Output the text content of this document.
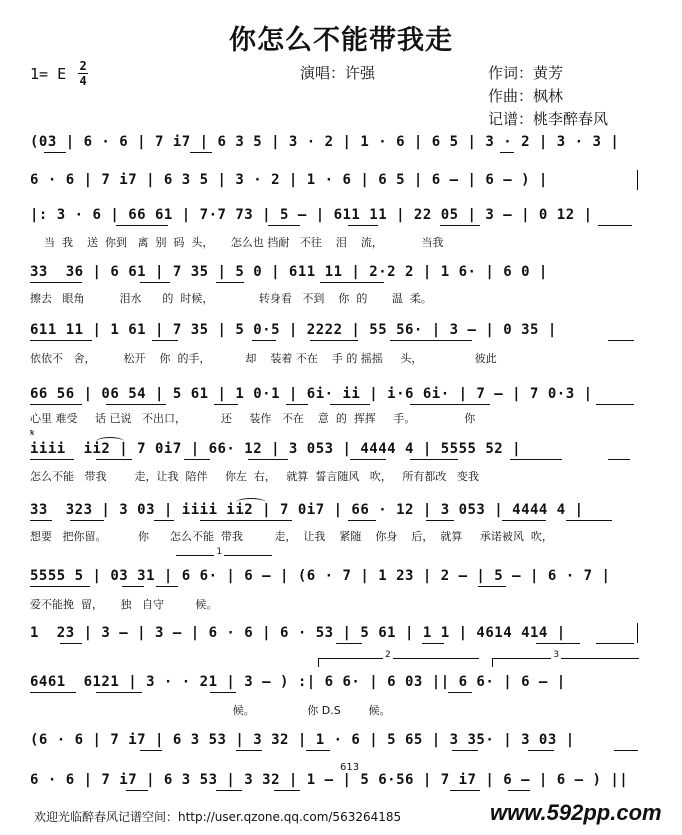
你怎么不能带我走
1= E 2
4	演唱：许强	作词：黄芳
作曲：枫林
记谱：桃李醉春风
(03 | 6 · 6 | 7 i7 | 6 3 5 | 3 · 2 | 1 · 6 | 6 5 | 3 · 2 | 3 · 3 |
6 · 6 | 7 i7 | 6 3 5 | 3 · 2 | 1 · 6 | 6 5 | 6 – | 6 – ) |
|: 3 · 6 | 66 61 | 7·7 73 | 5 – | 611 11 | 22 05 | 3 – | 0 12 |
当  我    送  你到   离  别  码  头，     怎么也 挡耐   不往    泪    流，           当我
33  36 | 6 61 | 7 35 | 5 0 | 611 11 | 2·2 2 | 1 6· | 6 0 |
擦去   眼角          泪水      的  时候，             转身看   不到    你  的       温  柔。
611 11 | 1 61 | 7 35 | 5 0·5 | 2222 | 55 56· | 3 – | 0 35 |
依依不   舍，        松开    你  的手，          却    装着 不在    手 的 摇摇     头，               彼此
66 56 | 06 54 | 5 61 | 1 0·1 | 6i· ii | i·6 6i· | 7 – | 7 0·3 |
心里 难受     话 已说   不出口，          还     装作   不在    意  的  挥挥     手。              你
𝄋
iiii  ii2 | 7 0i7 | 66· 12 | 3 053 | 4444 4 | 5555 52 |
怎么不能   带我        走，让我  陪伴     你左  右，   就算  誓言随风   吹，   所有都改   变我
33  323 | 3 03 | iiii ii2 | 7 0i7 | 66 · 12 | 3 053 | 4444 4 |
想要   把你留。         你      怎么不能  带我         走，  让我    紧随    你身    后，  就算     承诺被风  吹，
1
5555 5 | 03 31 | 6 6· | 6 – | (6 · 7 | 1 23 | 2 – | 5 – | 6 · 7 |
爱不能挽  留，     独   自守         候。
1  23 | 3 – | 3 – | 6 · 6 | 6 · 53 | 5 61 | 1 1 | 4614 414 |
2	3
6461  6121 | 3 · · 21 | 3 – ) :| 6 6· | 6 03 || 6 6· | 6 – |
候。               你 D.S        候。
(6 · 6 | 7 i7 | 6 3 53 | 3 32 | 1 · 6 | 5 65 | 3 35· | 3 03 |
613
6 · 6 | 7 i7 | 6 3 53 | 3 32 | 1 – | 5 6·56 | 7 i7 | 6 – | 6 – ) ||
欢迎光临醉春风记谱空间：http://user.qzone.qq.com/563264185	www.592pp.com
